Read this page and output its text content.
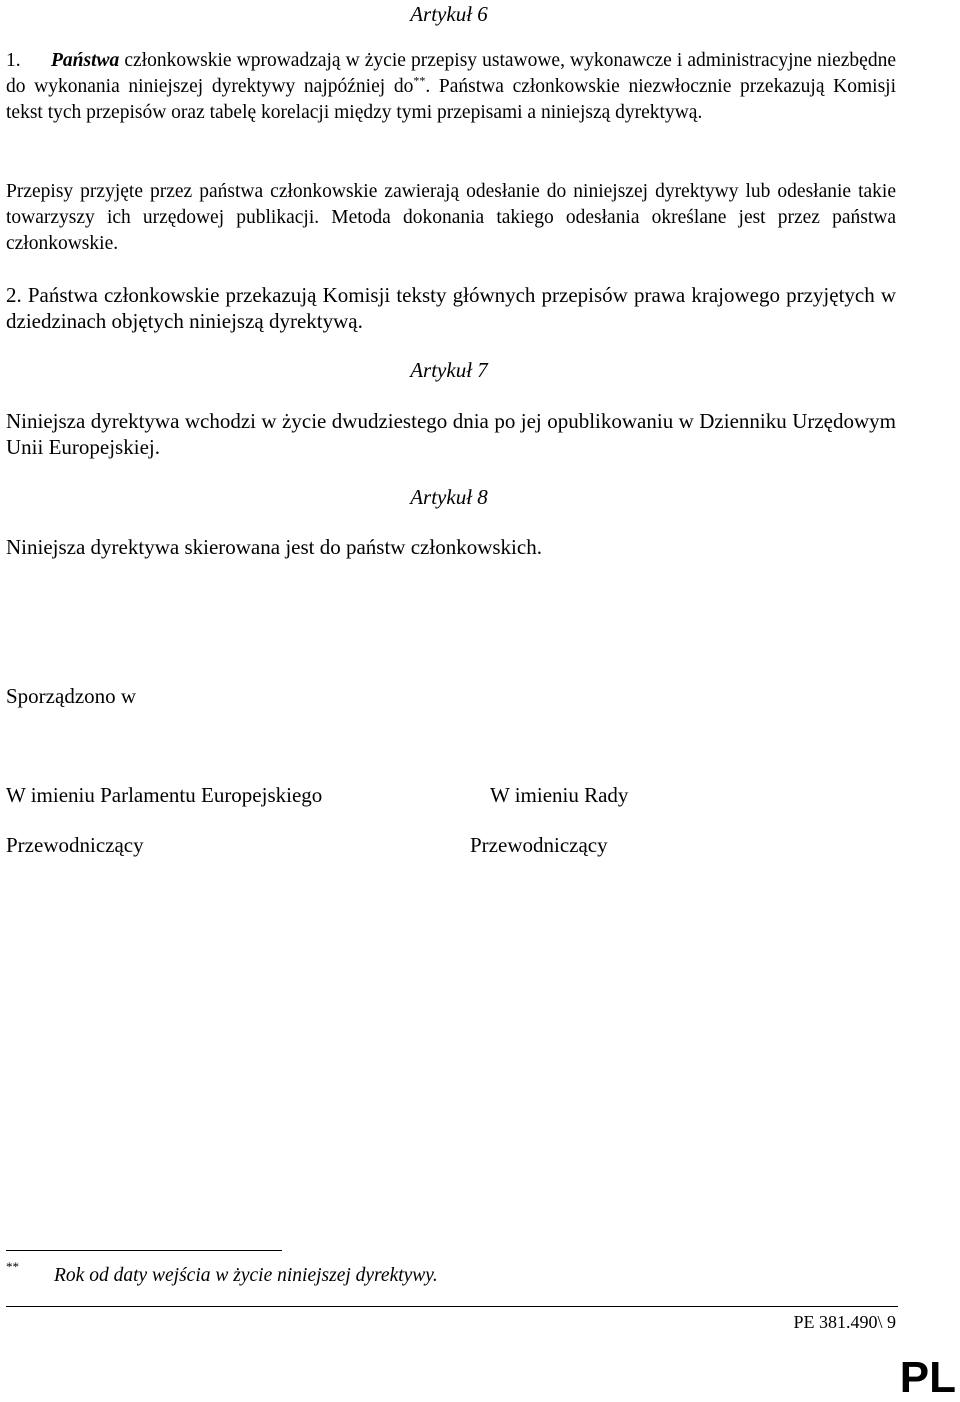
Artykuł 6
1. Państwa członkowskie wprowadzają w życie przepisy ustawowe, wykonawcze i administracyjne niezbędne do wykonania niniejszej dyrektywy najpóźniej do**. Państwa członkowskie niezwłocznie przekazują Komisji tekst tych przepisów oraz tabelę korelacji między tymi przepisami a niniejszą dyrektywą.
Przepisy przyjęte przez państwa członkowskie zawierają odesłanie do niniejszej dyrektywy lub odesłanie takie towarzyszy ich urzędowej publikacji. Metoda dokonania takiego odesłania określane jest przez państwa członkowskie.
2. Państwa członkowskie przekazują Komisji teksty głównych przepisów prawa krajowego przyjętych w dziedzinach objętych niniejszą dyrektywą.
Artykuł 7
Niniejsza dyrektywa wchodzi w życie dwudziestego dnia po jej opublikowaniu w Dzienniku Urzędowym Unii Europejskiej.
Artykuł 8
Niniejsza dyrektywa skierowana jest do państw członkowskich.
Sporządzono w
W imieniu Parlamentu Europejskiego	W imieniu Rady
Przewodniczący	Przewodniczący
** Rok od daty wejścia w życie niniejszej dyrektywy.
PE 381.490\ 9
PL
